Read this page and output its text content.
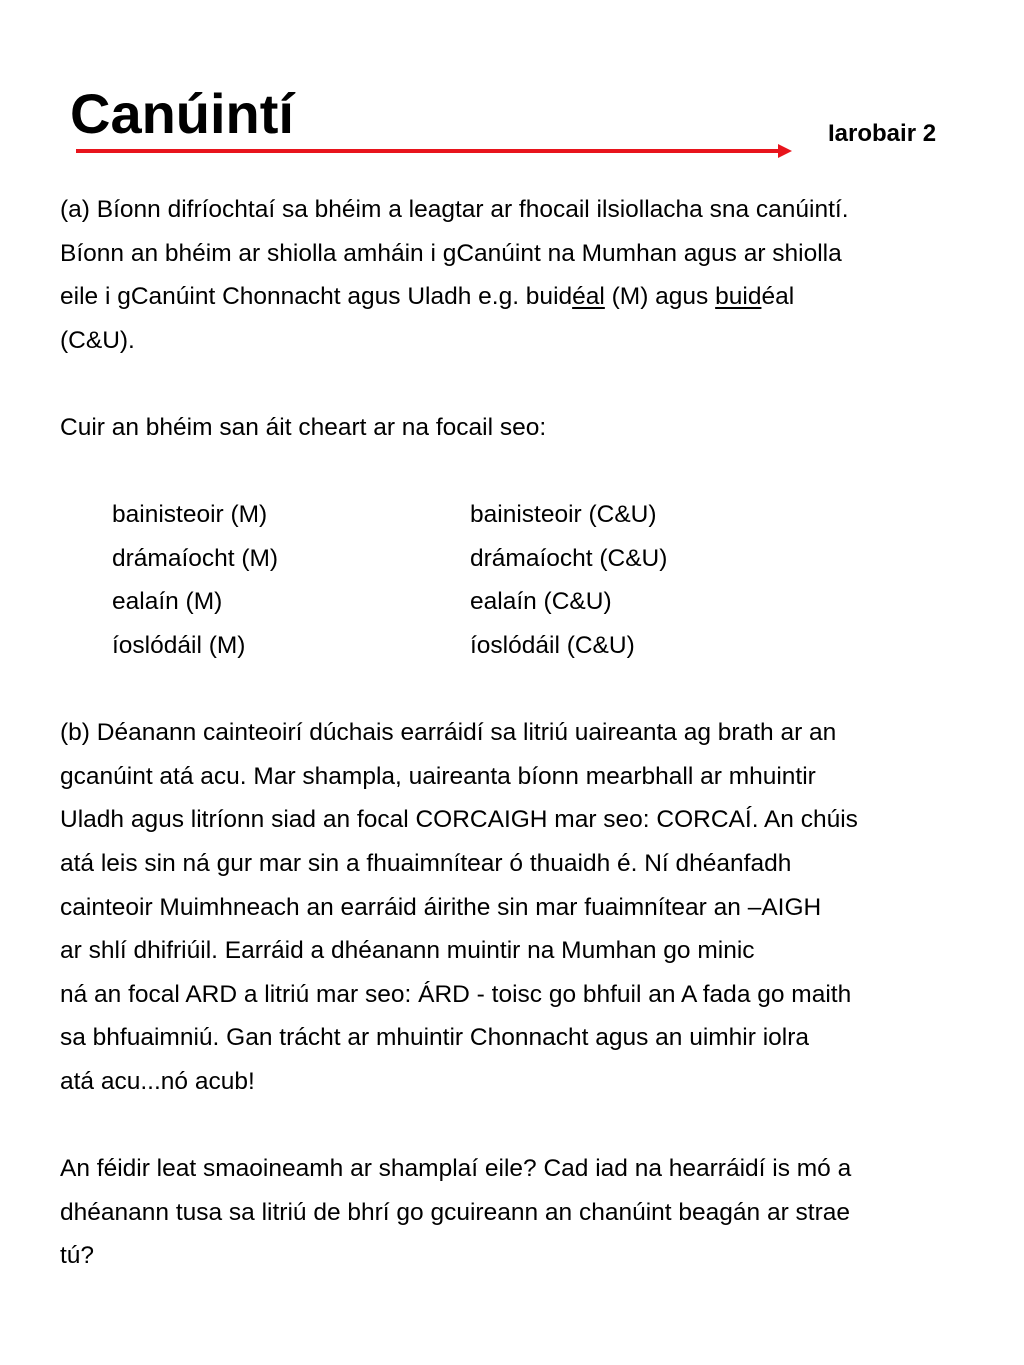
Canúintí	Iarobair 2

(a) Bíonn difríochtaí sa bhéim a leagtar ar fhocail ilsiollacha sna canúintí.

Bíonn an bhéim ar shiolla amháin i gCanúint na Mumhan agus ar shiolla

eile i gCanúint Chonnacht agus Uladh e.g. buidéal (M) agus buidéal

(C&U).

Cuir an bhéim san áit cheart ar na focail seo:

bainisteoir (M)	bainisteoir (C&U)
drámaíocht (M)	drámaíocht (C&U)
ealaín (M)	ealaín (C&U)
íoslódáil (M)	íoslódáil (C&U)

(b) Déanann cainteoirí dúchais earráidí sa litriú uaireanta ag brath ar an

gcanúint atá acu. Mar shampla, uaireanta bíonn mearbhall ar mhuintir

Uladh agus litríonn siad an focal CORCAIGH mar seo: CORCAÍ. An chúis

atá leis sin ná gur mar sin a fhuaimnítear ó thuaidh é. Ní dhéanfadh

cainteoir Muimhneach an earráid áirithe sin mar fuaimnítear an –AIGH

ar shlí dhifriúil. Earráid a dhéanann muintir na Mumhan go minic

ná an focal ARD a litriú mar seo: ÁRD - toisc go bhfuil an A fada go maith

sa bhfuaimniú. Gan trácht ar mhuintir Chonnacht agus an uimhir iolra

atá acu...nó acub!

An féidir leat smaoineamh ar shamplaí eile? Cad iad na hearráidí is mó a

dhéanann tusa sa litriú de bhrí go gcuireann an chanúint beagán ar strae

tú?
